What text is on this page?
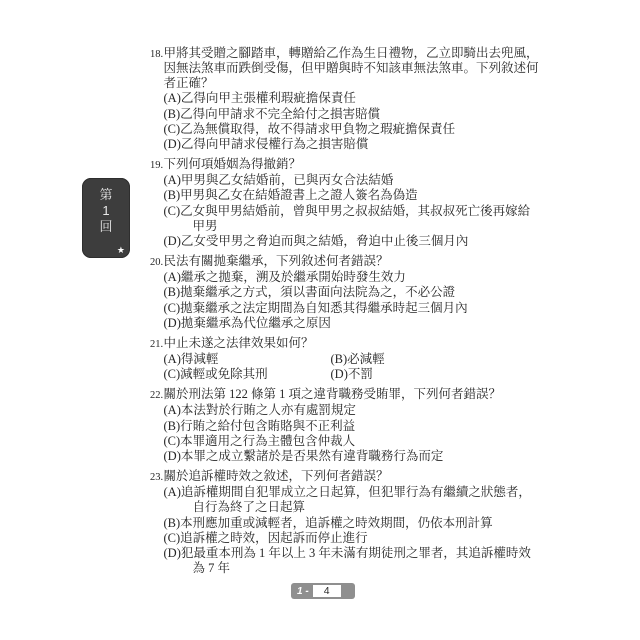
第
1
回
★
18. 甲將其受贈之腳踏車，轉贈給乙作為生日禮物，乙立即騎出去兜風，因無法煞車而跌倒受傷，但甲贈與時不知該車無法煞車。下列敘述何者正確？
(A)乙得向甲主張權利瑕疵擔保責任
(B)乙得向甲請求不完全給付之損害賠償
(C)乙為無償取得，故不得請求甲負物之瑕疵擔保責任
(D)乙得向甲請求侵權行為之損害賠償
19. 下列何項婚姻為得撤銷？
(A)甲男與乙女結婚前，已與丙女合法結婚
(B)甲男與乙女在結婚證書上之證人簽名為偽造
(C)乙女與甲男結婚前，曾與甲男之叔叔結婚，其叔叔死亡後再嫁給甲男
(D)乙女受甲男之脅迫而與之結婚，脅迫中止後三個月內
20. 民法有關拋棄繼承，下列敘述何者錯誤？
(A)繼承之拋棄，溯及於繼承開始時發生效力
(B)拋棄繼承之方式，須以書面向法院為之，不必公證
(C)拋棄繼承之法定期間為自知悉其得繼承時起三個月內
(D)拋棄繼承為代位繼承之原因
21. 中止未遂之法律效果如何？
(A)得減輕	(B)必減輕
(C)減輕或免除其刑	(D)不罰
22. 關於刑法第 122 條第 1 項之違背職務受賄罪，下列何者錯誤？
(A)本法對於行賄之人亦有處罰規定
(B)行賄之給付包含賄賂與不正利益
(C)本罪適用之行為主體包含仲裁人
(D)本罪之成立繫諸於是否果然有違背職務行為而定
23. 關於追訴權時效之敘述，下列何者錯誤？
(A)追訴權期間自犯罪成立之日起算，但犯罪行為有繼續之狀態者，自行為終了之日起算
(B)本刑應加重或減輕者，追訴權之時效期間，仍依本刑計算
(C)追訴權之時效，因起訴而停止進行
(D)犯最重本刑為 1 年以上 3 年未滿有期徒刑之罪者，其追訴權時效為 7 年
1 -	4
